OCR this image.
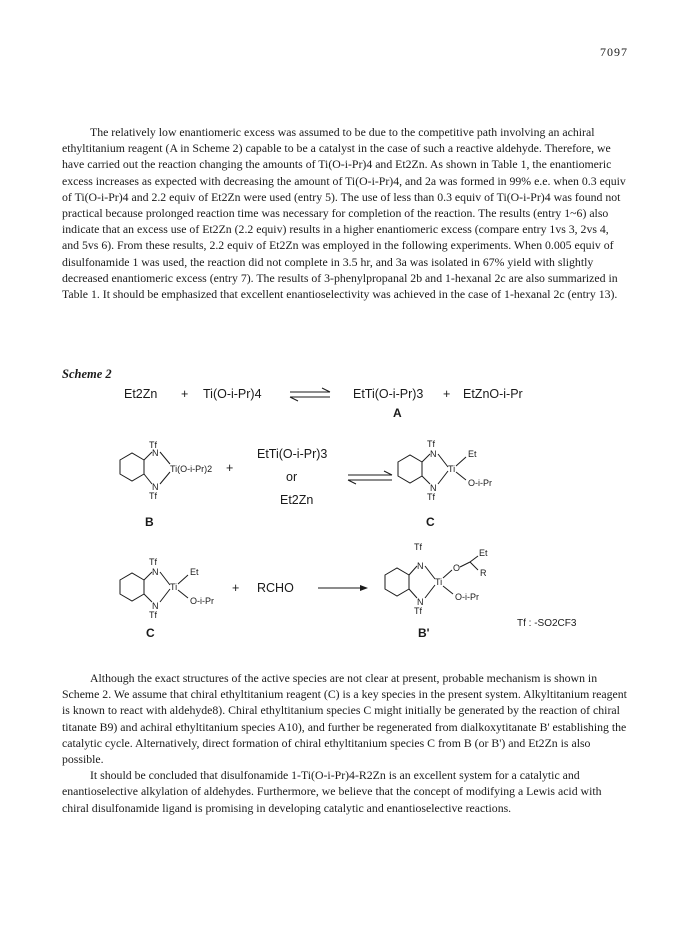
7097

The relatively low enantiomeric excess was assumed to be due to the competitive path involving an achiral ethyltitanium reagent (A in Scheme 2) capable to be a catalyst in the case of such a reactive aldehyde. Therefore, we have carried out the reaction changing the amounts of Ti(O-i-Pr)4 and Et2Zn. As shown in Table 1, the enantiomeric excess increases as expected with decreasing the amount of Ti(O-i-Pr)4, and 2a was formed in 99% e.e. when 0.3 equiv of Ti(O-i-Pr)4 and 2.2 equiv of Et2Zn were used (entry 5). The use of less than 0.3 equiv of Ti(O-i-Pr)4 was found not practical because prolonged reaction time was necessary for completion of the reaction. The results (entry 1~6) also indicate that an excess use of Et2Zn (2.2 equiv) results in a higher enantiomeric excess (compare entry 1vs 3, 2vs 4, and 5vs 6). From these results, 2.2 equiv of Et2Zn was employed in the following experiments. When 0.005 equiv of disulfonamide 1 was used, the reaction did not complete in 3.5 hr, and 3a was isolated in 67% yield with slightly decreased enantiomeric excess (entry 7). The results of 3-phenylpropanal 2b and 1-hexanal 2c are also summarized in Table 1. It should be emphasized that excellent enantioselectivity was achieved in the case of 1-hexanal 2c (entry 13).

Scheme 2
Et2Zn + Ti(O-i-Pr)4	EtTi(O-i-Pr)3 + EtZnO-i-Pr
A
Tf
N
N
Tf
Ti(O-i-Pr)2 +
B
EtTi(O-i-Pr)3
or
Et2Zn
Tf
N
N
Tf
Ti
Et
O-i-Pr
C
Tf
N
N
Tf
Ti
Et
O-i-Pr
C
+ RCHO
Tf
N
N
Tf
Ti
O
Et
R
O-i-Pr
B'
Tf : -SO2CF3

Although the exact structures of the active species are not clear at present, probable mechanism is shown in Scheme 2. We assume that chiral ethyltitanium reagent (C) is a key species in the present system. Alkyltitanium reagent is known to react with aldehyde8). Chiral ethyltitanium species C might initially be generated by the reaction of chiral titanate B9) and achiral ethyltitanium species A10), and further be regenerated from dialkoxytitanate B' establishing the catalytic cycle. Alternatively, direct formation of chiral ethyltitanium species C from B (or B') and Et2Zn is also possible.

It should be concluded that disulfonamide 1-Ti(O-i-Pr)4-R2Zn is an excellent system for a catalytic and enantioselective alkylation of aldehydes. Furthermore, we believe that the concept of modifying a Lewis acid with chiral disulfonamide ligand is promising in developing catalytic and enantioselective reactions.
